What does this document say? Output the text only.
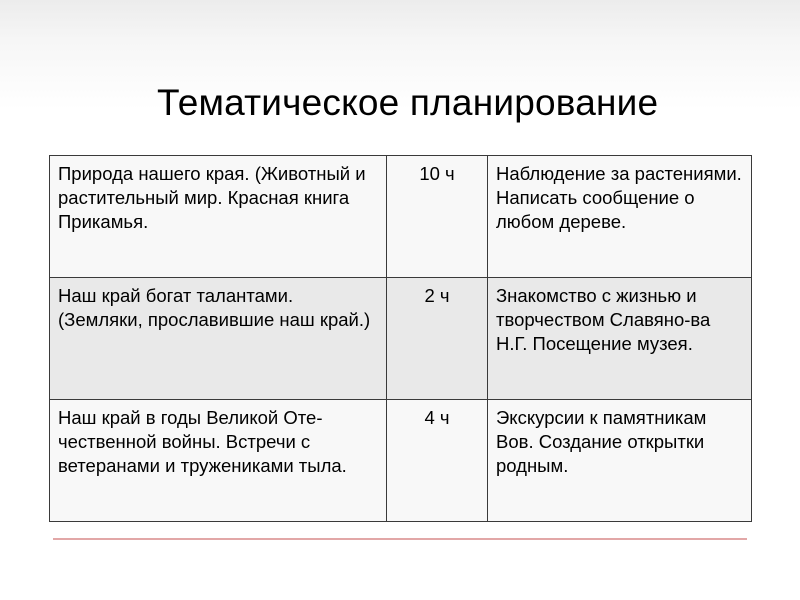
Тематическое планирование
Природа нашего края. (Животный и растительный мир. Красная книга Прикамья.	10 ч	Наблюдение за растениями. Написать сообщение о любом дереве.
Наш край богат талантами. (Земляки, прославившие наш край.)	2 ч	Знакомство с жизнью и творчеством Славяно-ва Н.Г. Посещение музея.
Наш край в годы Великой Оте-чественной войны. Встречи с ветеранами и тружениками тыла.	4 ч	Экскурсии к памятникам Вов. Создание открытки родным.
